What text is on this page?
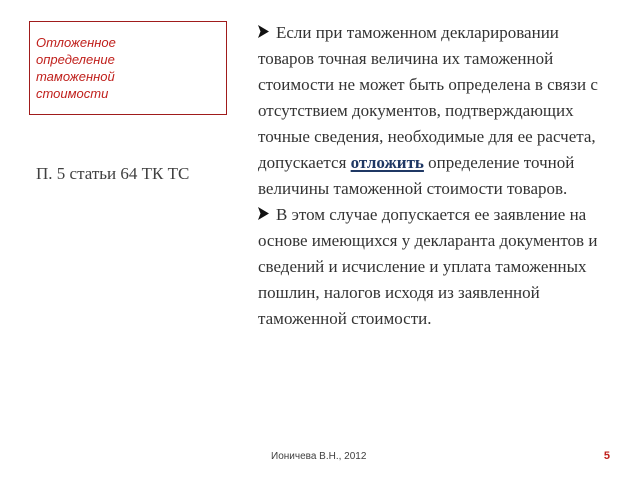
Отложенное
определение
таможенной
стоимости
П. 5 статьи 64 ТК ТС

Если при таможенном декларировании товаров точная величина их таможенной стоимости не может быть определена в связи с отсутствием документов, подтверждающих точные сведения, необходимые для ее расчета, допускается отложить определение точной величины таможенной стоимости товаров.

В этом случае допускается ее заявление на основе имеющихся у декларанта документов и сведений и исчисление и уплата таможенных пошлин, налогов исходя из заявленной таможенной стоимости.

Ионичева В.Н., 2012	5
